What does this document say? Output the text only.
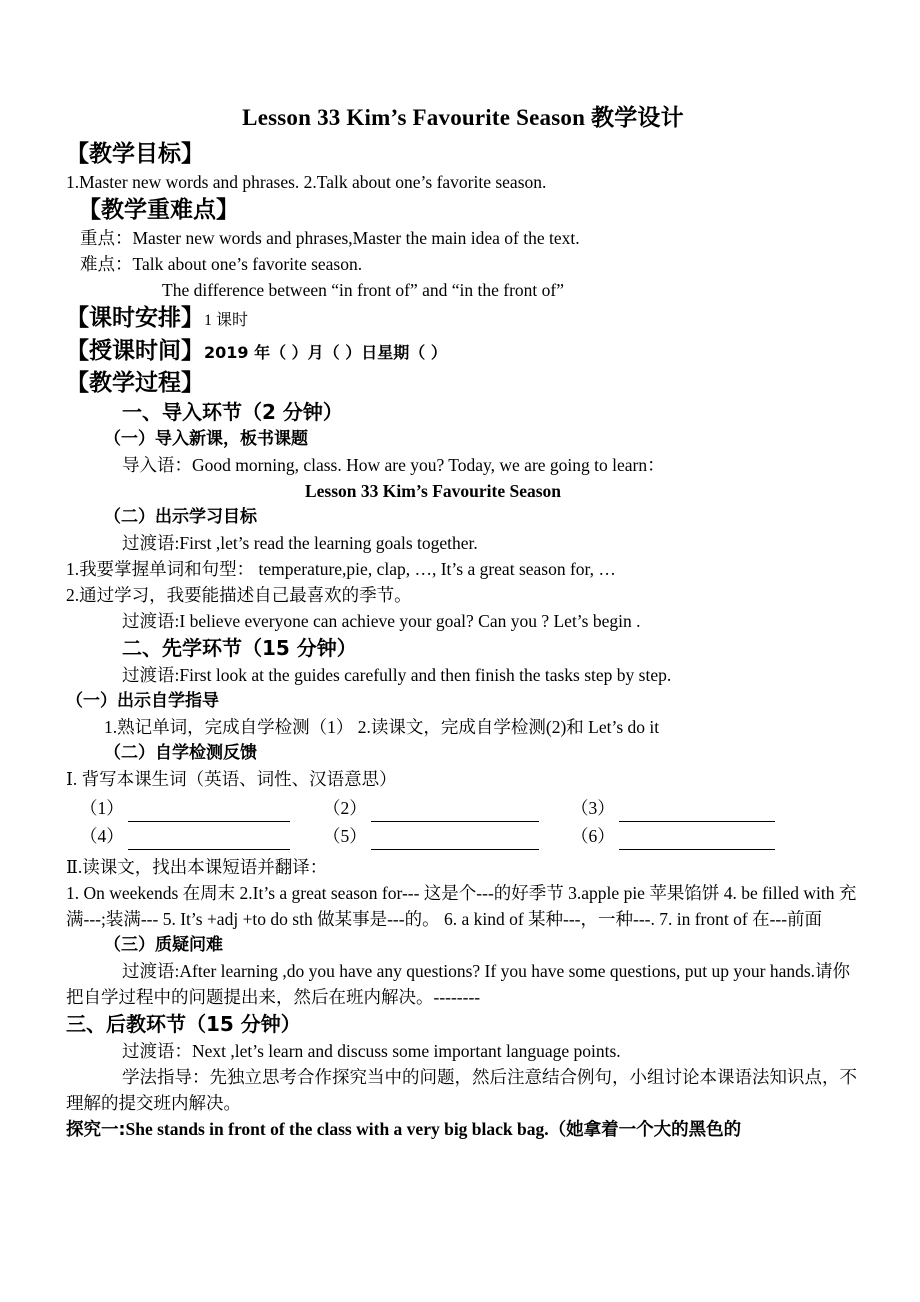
Lesson 33 Kim’s Favourite Season 教学设计
【教学目标】
1.Master new words and phrases. 2.Talk about one’s favorite season.
【教学重难点】
重点：Master new words and phrases,Master the main idea of the text.
难点：Talk about one’s favorite season.
The difference between “in front of” and “in the front of”
【课时安排】1 课时
【授课时间】2019 年（ ）月（ ）日星期（ ）
【教学过程】
一、导入环节（2 分钟）
（一）导入新课，板书课题
导入语：Good morning, class. How are you? Today, we are going to learn：
Lesson 33 Kim’s Favourite Season
（二）出示学习目标
过渡语:First ,let’s read the learning goals together.
1.我要掌握单词和句型： temperature,pie, clap, …, It’s a great season for, …
2.通过学习，我要能描述自己最喜欢的季节。
过渡语:I believe everyone can achieve your goal? Can you ? Let’s begin .
二、先学环节（15 分钟）
过渡语:First look at the guides carefully and then finish the tasks step by step.
（一）出示自学指导
1.熟记单词，完成自学检测（1） 2.读课文，完成自学检测(2)和 Let’s do it
（二）自学检测反馈
Ⅰ. 背写本课生词（英语、词性、汉语意思）
（1）	（2）	（3）
（4）	（5）	（6）
Ⅱ.读课文，找出本课短语并翻译：
1. On weekends 在周末 2.It’s a great season for--- 这是个---的好季节 3.apple pie 苹果馅饼 4. be filled with 充满---;装满--- 5. It’s +adj +to do sth 做某事是---的。 6. a kind of 某种---，一种---. 7. in front of 在---前面
（三）质疑问难
过渡语:After learning ,do you have any questions? If you have some questions, put up your hands.请你把自学过程中的问题提出来，然后在班内解决。--------
三、后教环节（15 分钟）
过渡语：Next ,let’s learn and discuss some important language points.
学法指导：先独立思考合作探究当中的问题，然后注意结合例句，小组讨论本课语法知识点，不理解的提交班内解决。
探究一:She stands in front of the class with a very big black bag.（她拿着一个大的黑色的
